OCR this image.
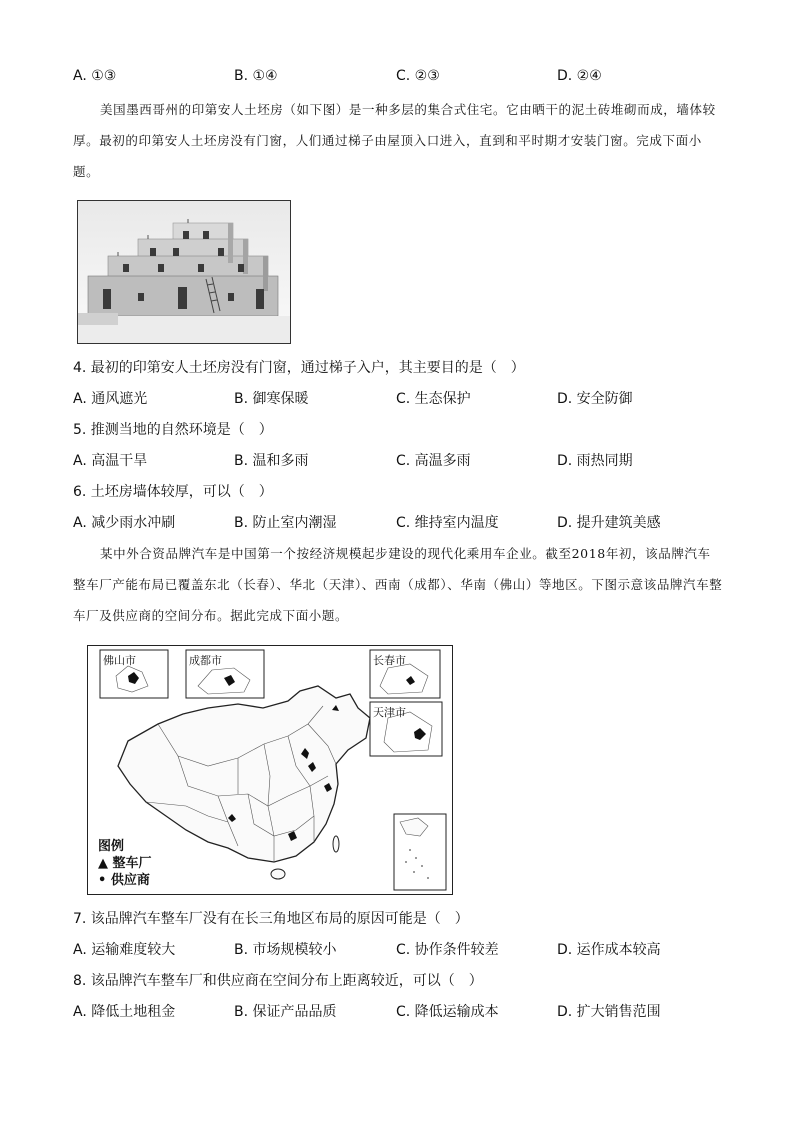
A. ①③	B. ①④	C. ②③	D. ②④
美国墨西哥州的印第安人土坯房（如下图）是一种多层的集合式住宅。它由晒干的泥土砖堆砌而成，墙体较厚。最初的印第安人土坯房没有门窗，人们通过梯子由屋顶入口进入，直到和平时期才安装门窗。完成下面小题。
4. 最初的印第安人土坯房没有门窗，通过梯子入户，其主要目的是（　）
A. 通风遮光	B. 御寒保暖	C. 生态保护	D. 安全防御
5. 推测当地的自然环境是（　）
A. 高温干旱	B. 温和多雨	C. 高温多雨	D. 雨热同期
6. 土坯房墙体较厚，可以（　）
A. 减少雨水冲刷	B. 防止室内潮湿	C. 维持室内温度	D. 提升建筑美感
某中外合资品牌汽车是中国第一个按经济规模起步建设的现代化乘用车企业。截至2018年初，该品牌汽车整车厂产能布局已覆盖东北（长春）、华北（天津）、西南（成都）、华南（佛山）等地区。下图示意该品牌汽车整车厂及供应商的空间分布。据此完成下面小题。
佛山市	成都市	长春市
天津市
图例
▲ 整车厂
• 供应商
7. 该品牌汽车整车厂没有在长三角地区布局的原因可能是（　）
A. 运输难度较大	B. 市场规模较小	C. 协作条件较差	D. 运作成本较高
8. 该品牌汽车整车厂和供应商在空间分布上距离较近，可以（　）
A. 降低土地租金	B. 保证产品品质	C. 降低运输成本	D. 扩大销售范围
